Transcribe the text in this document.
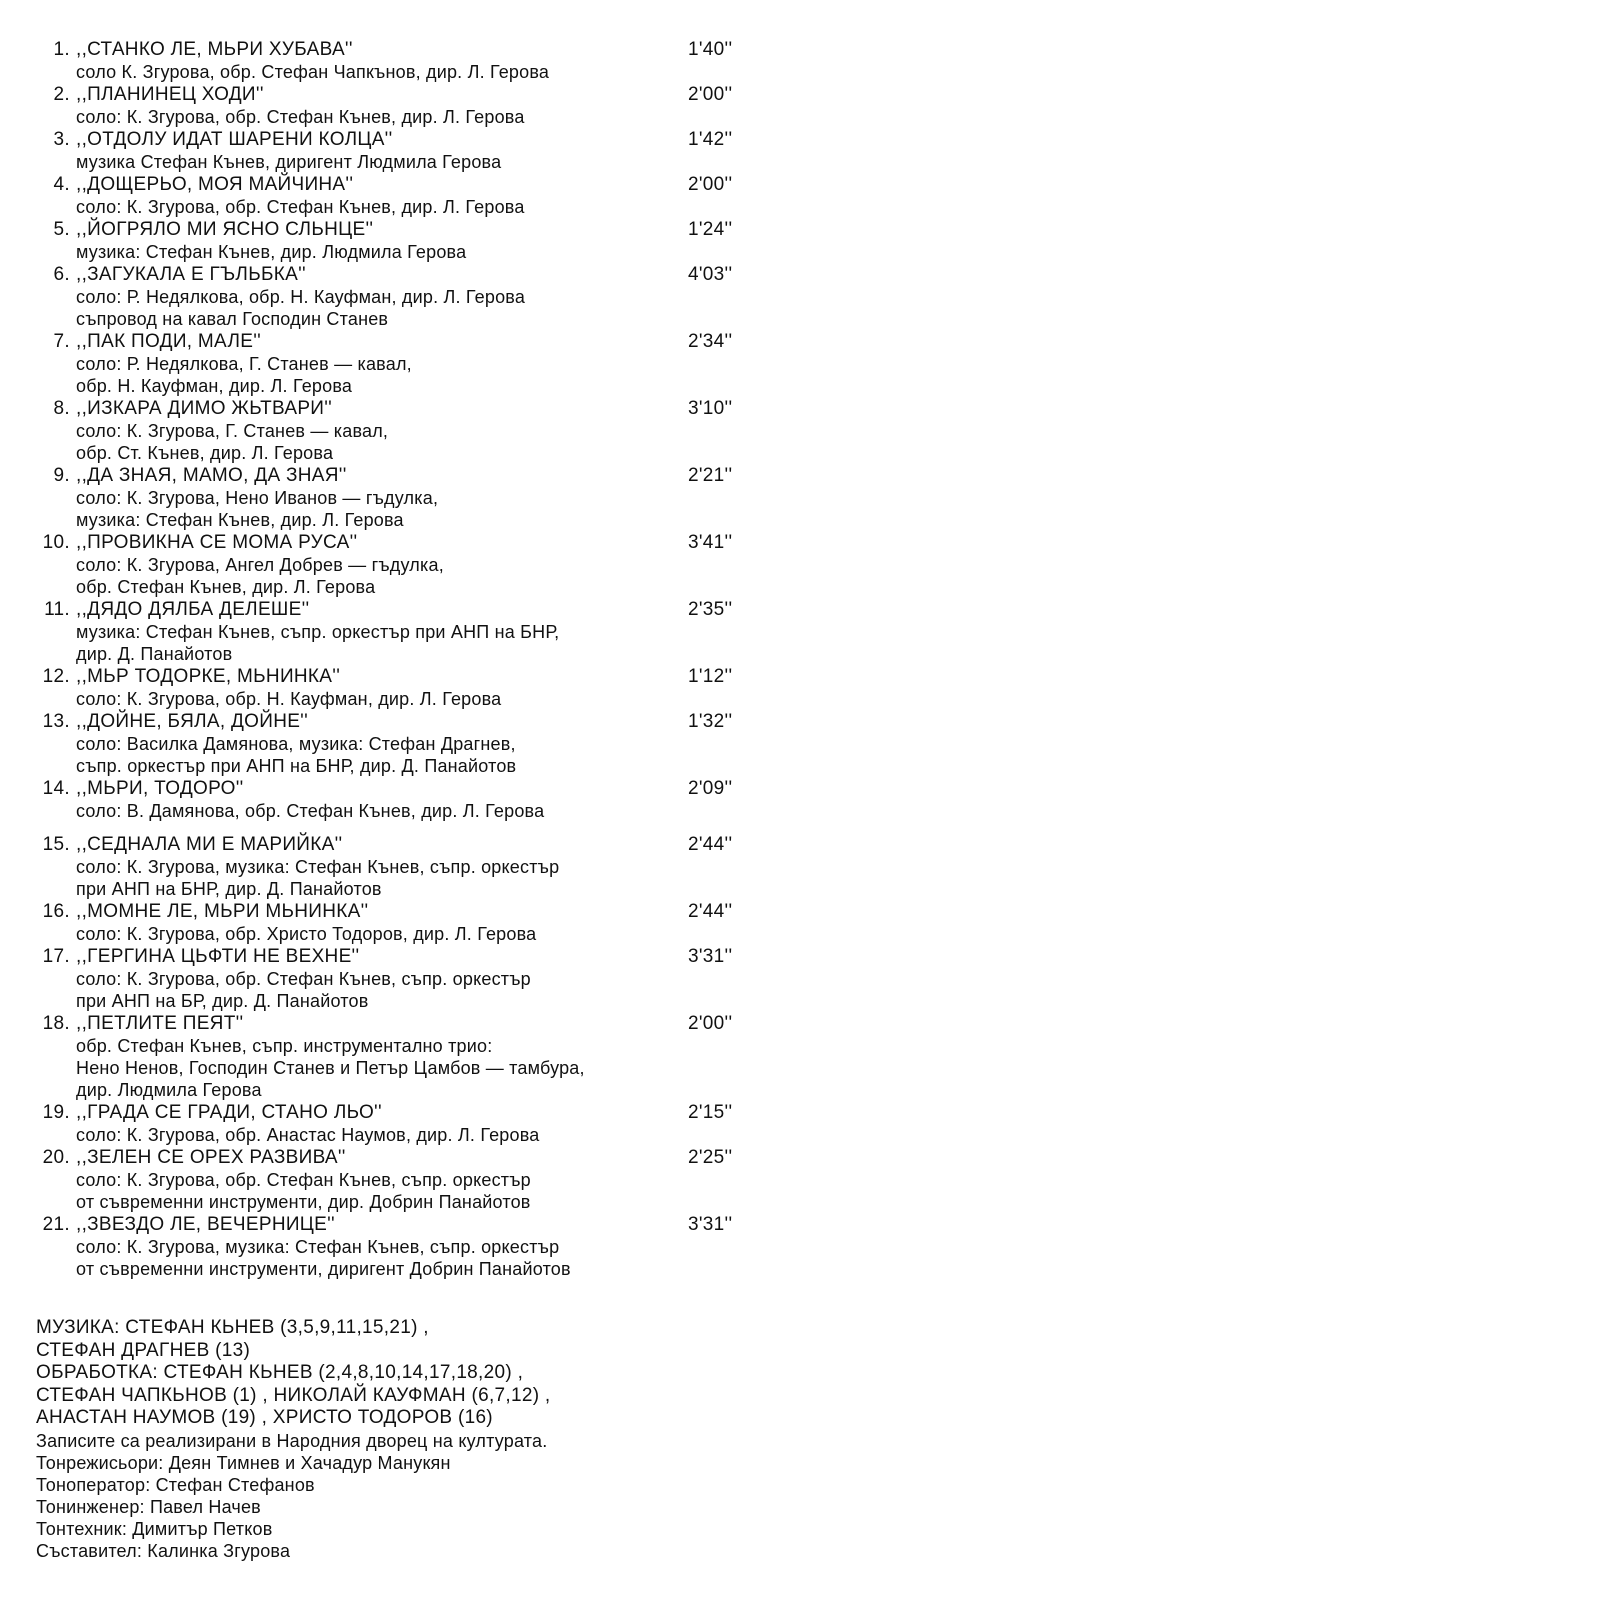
1. ,,СТАНКО ЛЕ, МЬРИ ХУБАВА''	1'40''
соло К. Згурова, обр. Стефан Чапкънов, дир. Л. Герова
2. ,,ПЛАНИНЕЦ ХОДИ''	2'00''
соло: К. Згурова, обр. Стефан Кънев, дир. Л. Герова
3. ,,ОТДОЛУ ИДАТ ШАРЕНИ КОЛЦА''	1'42''
музика Стефан Кънев, диригент Людмила Герова
4. ,,ДОЩЕРЬО, МОЯ МАЙЧИНА''	2'00''
соло: К. Згурова, обр. Стефан Кънев, дир. Л. Герова
5. ,,ЙОГРЯЛО МИ ЯСНО СЛЬНЦЕ''	1'24''
музика: Стефан Кънев, дир. Людмила Герова
6. ,,ЗАГУКАЛА Е ГЪЛЬБКА''	4'03''
соло: Р. Недялкова, обр. Н. Кауфман, дир. Л. Герова
съпровод на кавал Господин Станев
7. ,,ПАК ПОДИ, МАЛЕ''	2'34''
соло: Р. Недялкова, Г. Станев — кавал,
обр. Н. Кауфман, дир. Л. Герова
8. ,,ИЗКАРА ДИМО ЖЬТВАРИ''	3'10''
соло: К. Згурова, Г. Станев — кавал,
обр. Ст. Кънев, дир. Л. Герова
9. ,,ДА ЗНАЯ, МАМО, ДА ЗНАЯ''	2'21''
соло: К. Згурова, Нено Иванов — гъдулка,
музика: Стефан Кънев, дир. Л. Герова
10. ,,ПРОВИКНА СЕ МОМА РУСА''	3'41''
соло: К. Згурова, Ангел Добрев — гъдулка,
обр. Стефан Кънев, дир. Л. Герова
11. ,,ДЯДО ДЯЛБА ДЕЛЕШЕ''	2'35''
музика: Стефан Кънев, съпр. оркестър при АНП на БНР,
дир. Д. Панайотов
12. ,,МЬР ТОДОРКЕ, МЬНИНКА''	1'12''
соло: К. Згурова, обр. Н. Кауфман, дир. Л. Герова
13. ,,ДОЙНЕ, БЯЛА, ДОЙНЕ''	1'32''
соло: Василка Дамянова, музика: Стефан Драгнев,
съпр. оркестър при АНП на БНР, дир. Д. Панайотов
14. ,,МЬРИ, ТОДОРО''	2'09''
соло: В. Дамянова, обр. Стефан Кънев, дир. Л. Герова
15. ,,СЕДНАЛА МИ Е МАРИЙКА''	2'44''
соло: К. Згурова, музика: Стефан Кънев, съпр. оркестър
при АНП на БНР, дир. Д. Панайотов
16. ,,МОМНЕ ЛЕ, МЬРИ МЬНИНКА''	2'44''
соло: К. Згурова, обр. Христо Тодоров, дир. Л. Герова
17. ,,ГЕРГИНА ЦЬФТИ НЕ ВЕХНЕ''	3'31''
соло: К. Згурова, обр. Стефан Кънев, съпр. оркестър
при АНП на БР, дир. Д. Панайотов
18. ,,ПЕТЛИТЕ ПЕЯТ''	2'00''
обр. Стефан Кънев, съпр. инструментално трио:
Нено Ненов, Господин Станев и Петър Цамбов — тамбура,
дир. Людмила Герова
19. ,,ГРАДА СЕ ГРАДИ, СТАНО ЛЬО''	2'15''
соло: К. Згурова, обр. Анастас Наумов, дир. Л. Герова
20. ,,ЗЕЛЕН СЕ ОРЕХ РАЗВИВА''	2'25''
соло: К. Згурова, обр. Стефан Кънев, съпр. оркестър
от съвременни инструменти, дир. Добрин Панайотов
21. ,,ЗВЕЗДО ЛЕ, ВЕЧЕРНИЦЕ''	3'31''
соло: К. Згурова, музика: Стефан Кънев, съпр. оркестър
от съвременни инструменти, диригент Добрин Панайотов
МУЗИКА: СТЕФАН КЬНЕВ (3,5,9,11,15,21) ,
СТЕФАН ДРАГНЕВ (13)
ОБРАБОТКА: СТЕФАН КЬНЕВ (2,4,8,10,14,17,18,20) ,
СТЕФАН ЧАПКЬНОВ (1) , НИКОЛАЙ КАУФМАН (6,7,12) ,
АНАСТАН НАУМОВ (19) , ХРИСТО ТОДОРОВ (16)
Записите са реализирани в Народния дворец на културата.
Тонрежисьори: Деян Тимнев и Хачадур Манукян
Тоноператор: Стефан Стефанов
Тонинженер: Павел Начев
Тонтехник: Димитър Петков
Съставител: Калинка Згурова
